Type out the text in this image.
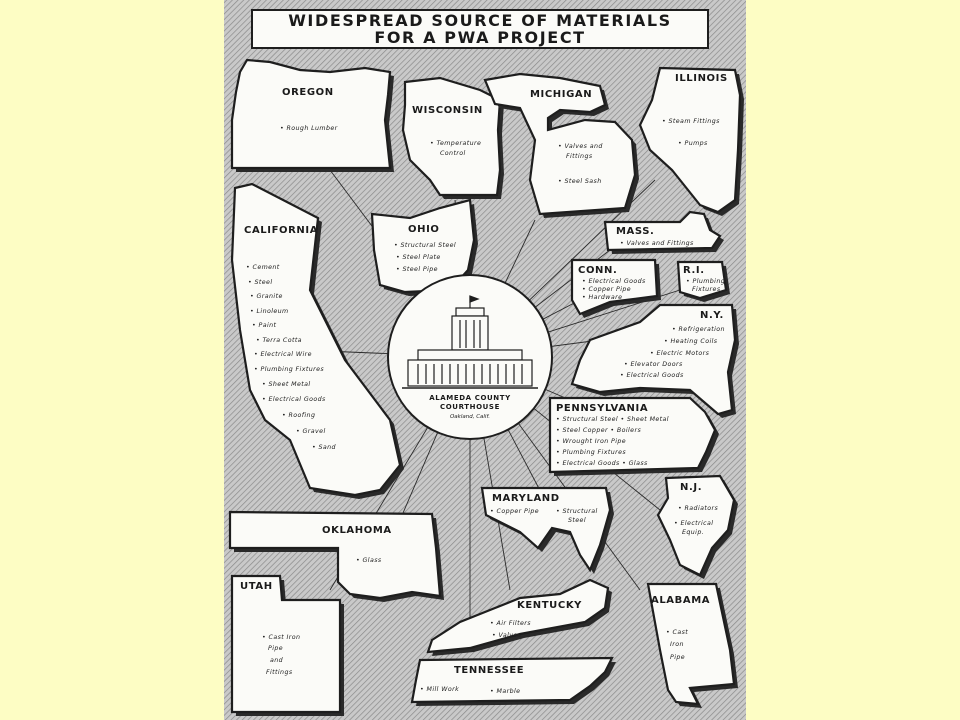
WIDESPREAD SOURCE OF MATERIALS
FOR A PWA PROJECT
OREGON
• Rough Lumber
WISCONSIN
• Temperature
Control
MICHIGAN
• Valves and
Fittings
• Steel Sash
ILLINOIS
• Steam Fittings
• Pumps
CALIFORNIA
• Cement
• Steel
• Granite
• Linoleum
• Paint
• Terra Cotta
• Electrical Wire
• Plumbing Fixtures
• Sheet Metal
• Electrical Goods
• Roofing
• Gravel
• Sand
OHIO
• Structural Steel
• Steel Plate
• Steel Pipe
MASS.
• Valves and Fittings
CONN.
• Electrical Goods
• Copper Pipe
• Hardware
R.I.
• Plumbing
Fixtures
N.Y.
• Refrigeration
• Heating Coils
• Electric Motors
• Elevator Doors
• Electrical Goods
PENNSYLVANIA
• Structural Steel • Sheet Metal
• Steel Copper • Boilers
• Wrought Iron Pipe
• Plumbing Fixtures
• Electrical Goods • Glass
N.J.
• Radiators
• Electrical
Equip.
MARYLAND
• Copper Pipe	• Structural
Steel
OKLAHOMA
• Glass
UTAH
• Cast Iron
Pipe
and
Fittings
KENTUCKY
• Air Filters
• Valves
ALABAMA
• Cast
Iron
Pipe
TENNESSEE
• Mill Work	• Marble
ALAMEDA COUNTY
COURTHOUSE
Oakland, Calif.
